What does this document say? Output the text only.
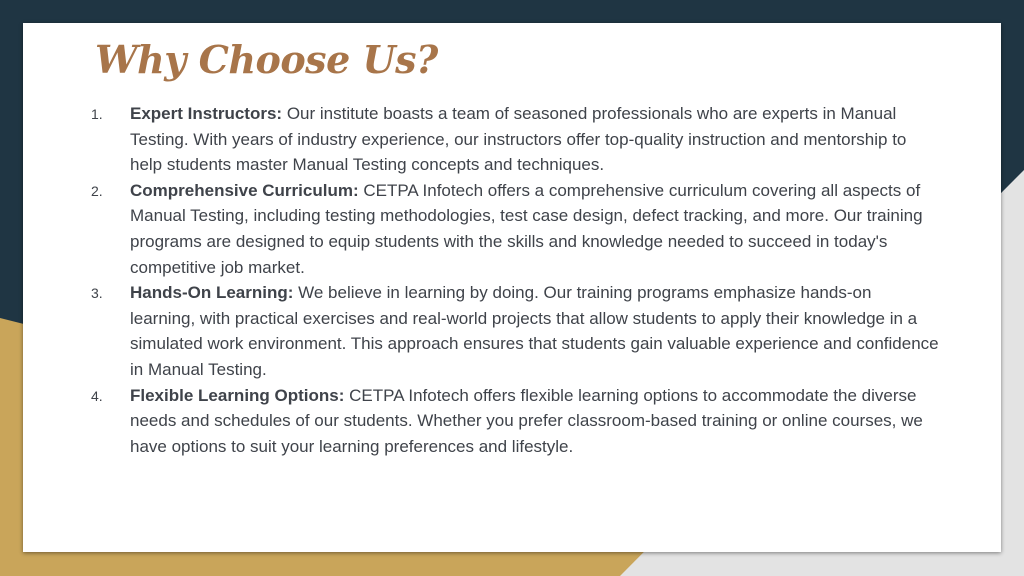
Why Choose Us?
1. Expert Instructors: Our institute boasts a team of seasoned professionals who are experts in Manual Testing. With years of industry experience, our instructors offer top-quality instruction and mentorship to help students master Manual Testing concepts and techniques.
2. Comprehensive Curriculum: CETPA Infotech offers a comprehensive curriculum covering all aspects of Manual Testing, including testing methodologies, test case design, defect tracking, and more. Our training programs are designed to equip students with the skills and knowledge needed to succeed in today's competitive job market.
3. Hands-On Learning: We believe in learning by doing. Our training programs emphasize hands-on learning, with practical exercises and real-world projects that allow students to apply their knowledge in a simulated work environment. This approach ensures that students gain valuable experience and confidence in Manual Testing.
4. Flexible Learning Options: CETPA Infotech offers flexible learning options to accommodate the diverse needs and schedules of our students. Whether you prefer classroom-based training or online courses, we have options to suit your learning preferences and lifestyle.
